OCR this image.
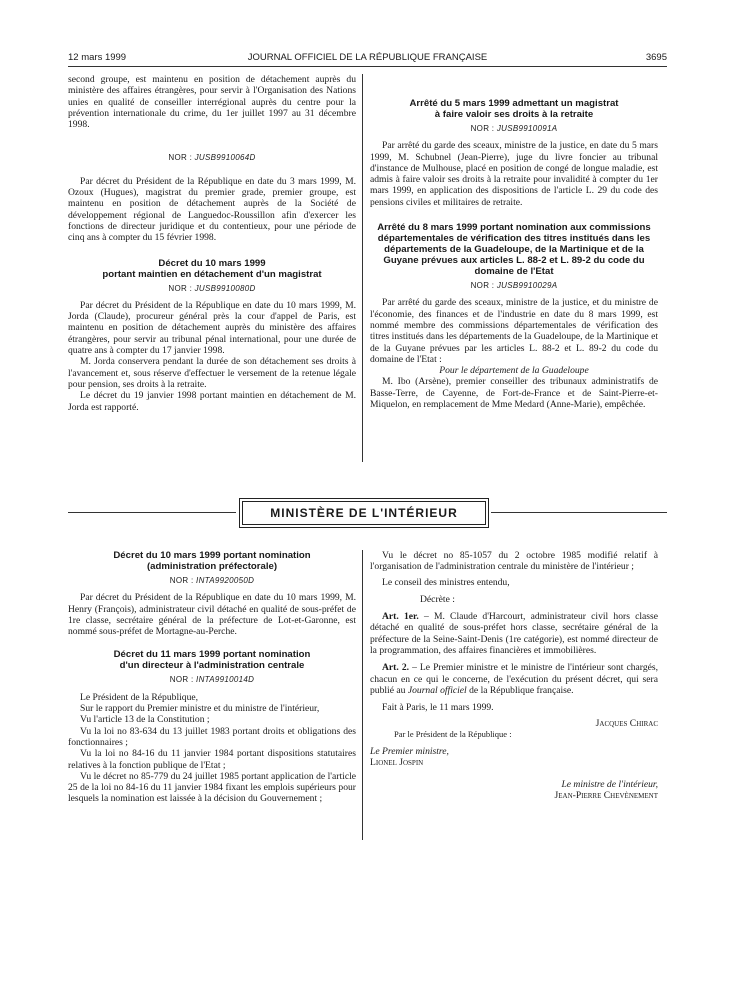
12 mars 1999	JOURNAL OFFICIEL DE LA RÉPUBLIQUE FRANÇAISE	3695

second groupe, est maintenu en position de détachement auprès du ministère des affaires étrangères, pour servir à l'Organisation des Nations unies en qualité de conseiller interrégional auprès du centre pour la prévention internationale du crime, du 1er juillet 1997 au 31 décembre 1998.

NOR : JUSB9910064D

Par décret du Président de la République en date du 3 mars 1999, M. Ozoux (Hugues), magistrat du premier grade, premier groupe, est maintenu en position de détachement auprès de la Société de développement régional de Languedoc-Roussillon afin d'exercer les fonctions de directeur juridique et du contentieux, pour une période de cinq ans à compter du 15 février 1998.

Décret du 10 mars 1999
portant maintien en détachement d'un magistrat
NOR : JUSB9910080D

Par décret du Président de la République en date du 10 mars 1999, M. Jorda (Claude), procureur général près la cour d'appel de Paris, est maintenu en position de détachement auprès du ministère des affaires étrangères, pour servir au tribunal pénal international, pour une durée de quatre ans à compter du 17 janvier 1998.

M. Jorda conservera pendant la durée de son détachement ses droits à l'avancement et, sous réserve d'effectuer le versement de la retenue légale pour pension, ses droits à la retraite.

Le décret du 19 janvier 1998 portant maintien en détachement de M. Jorda est rapporté.

Arrêté du 5 mars 1999 admettant un magistrat
à faire valoir ses droits à la retraite
NOR : JUSB9910091A

Par arrêté du garde des sceaux, ministre de la justice, en date du 5 mars 1999, M. Schubnel (Jean-Pierre), juge du livre foncier au tribunal d'instance de Mulhouse, placé en position de congé de longue maladie, est admis à faire valoir ses droits à la retraite pour invalidité à compter du 1er mars 1999, en application des dispositions de l'article L. 29 du code des pensions civiles et militaires de retraite.

Arrêté du 8 mars 1999 portant nomination aux commissions départementales de vérification des titres institués dans les départements de la Guadeloupe, de la Martinique et de la Guyane prévues aux articles L. 88-2 et L. 89-2 du code du domaine de l'Etat
NOR : JUSB9910029A

Par arrêté du garde des sceaux, ministre de la justice, et du ministre de l'économie, des finances et de l'industrie en date du 8 mars 1999, est nommé membre des commissions départementales de vérification des titres institués dans les départements de la Guadeloupe, de la Martinique et de la Guyane prévues par les articles L. 88-2 et L. 89-2 du code du domaine de l'Etat :

Pour le département de la Guadeloupe

M. Ibo (Arsène), premier conseiller des tribunaux administratifs de Basse-Terre, de Cayenne, de Fort-de-France et de Saint-Pierre-et-Miquelon, en remplacement de Mme Medard (Anne-Marie), empêchée.

MINISTÈRE DE L'INTÉRIEUR
Décret du 10 mars 1999 portant nomination
(administration préfectorale)
NOR : INTA9920050D

Par décret du Président de la République en date du 10 mars 1999, M. Henry (François), administrateur civil détaché en qualité de sous-préfet de 1re classe, secrétaire général de la préfecture de Lot-et-Garonne, est nommé sous-préfet de Mortagne-au-Perche.

Décret du 11 mars 1999 portant nomination
d'un directeur à l'administration centrale
NOR : INTA9910014D

Le Président de la République,

Sur le rapport du Premier ministre et du ministre de l'intérieur,

Vu l'article 13 de la Constitution ;

Vu la loi no 83-634 du 13 juillet 1983 portant droits et obligations des fonctionnaires ;

Vu la loi no 84-16 du 11 janvier 1984 portant dispositions statutaires relatives à la fonction publique de l'Etat ;

Vu le décret no 85-779 du 24 juillet 1985 portant application de l'article 25 de la loi no 84-16 du 11 janvier 1984 fixant les emplois supérieurs pour lesquels la nomination est laissée à la décision du Gouvernement ;

Vu le décret no 85-1057 du 2 octobre 1985 modifié relatif à l'organisation de l'administration centrale du ministère de l'intérieur ;

Le conseil des ministres entendu,

Décrète :

Art. 1er. – M. Claude d'Harcourt, administrateur civil hors classe détaché en qualité de sous-préfet hors classe, secrétaire général de la préfecture de la Seine-Saint-Denis (1re catégorie), est nommé directeur de la programmation, des affaires financières et immobilières.

Art. 2. – Le Premier ministre et le ministre de l'intérieur sont chargés, chacun en ce qui le concerne, de l'exécution du présent décret, qui sera publié au Journal officiel de la République française.

Fait à Paris, le 11 mars 1999.

Jacques Chirac

Par le Président de la République :

Le Premier ministre,

Lionel Jospin

Le ministre de l'intérieur,

Jean-Pierre Chevènement
